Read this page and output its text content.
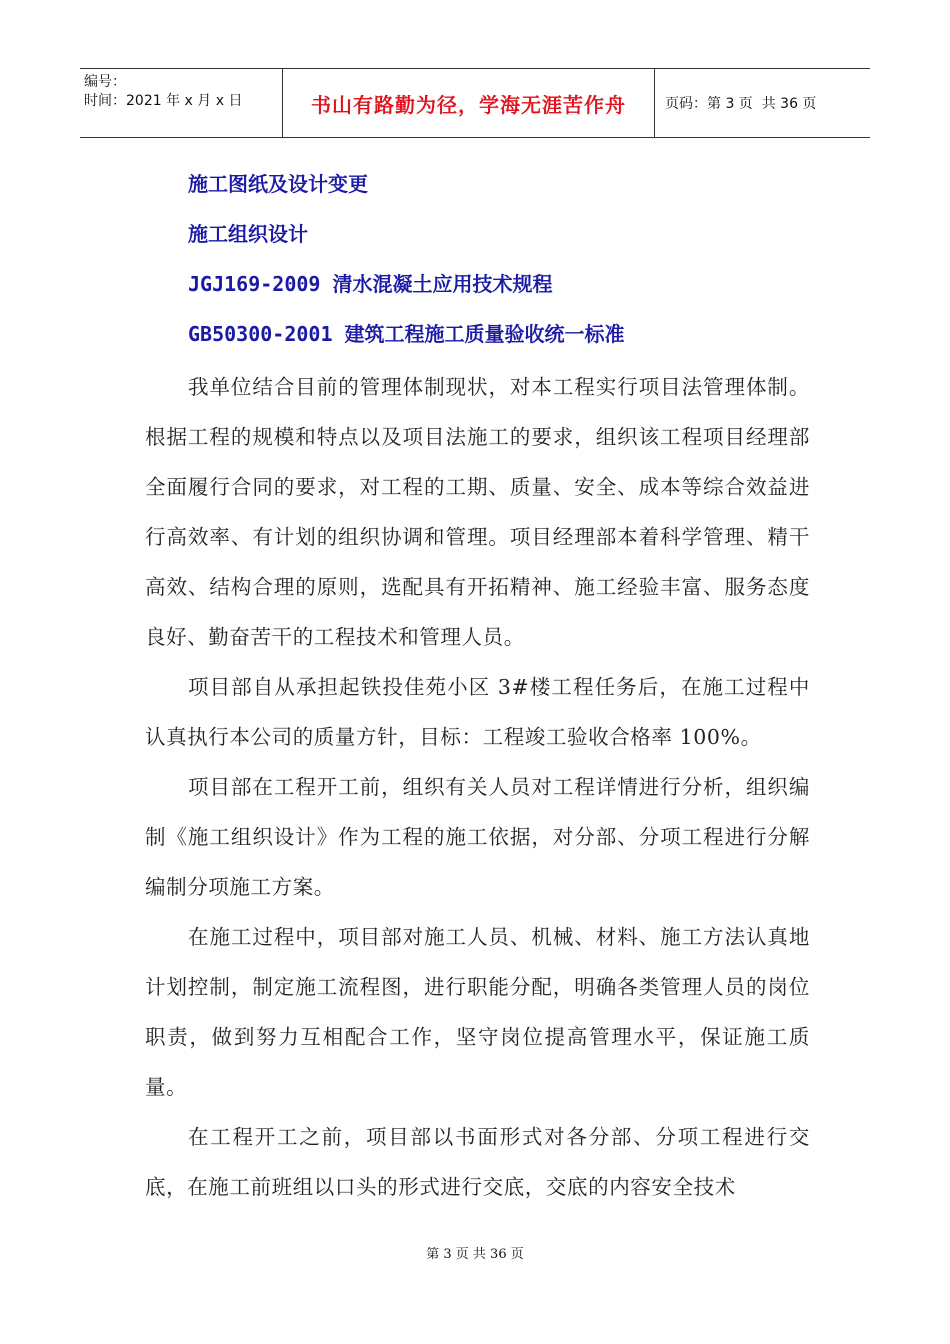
编号：
时间：2021 年 x 月 x 日	书山有路勤为径，学海无涯苦作舟	页码：第 3 页  共 36 页
施工图纸及设计变更
施工组织设计
JGJ169-2009 清水混凝土应用技术规程
GB50300-2001 建筑工程施工质量验收统一标准

我单位结合目前的管理体制现状，对本工程实行项目法管理体制。根据工程的规模和特点以及项目法施工的要求，组织该工程项目经理部全面履行合同的要求，对工程的工期、质量、安全、成本等综合效益进行高效率、有计划的组织协调和管理。项目经理部本着科学管理、精干高效、结构合理的原则，选配具有开拓精神、施工经验丰富、服务态度良好、勤奋苦干的工程技术和管理人员。

项目部自从承担起铁投佳苑小区 3#楼工程任务后，在施工过程中认真执行本公司的质量方针，目标：工程竣工验收合格率 100%。

项目部在工程开工前，组织有关人员对工程详情进行分析，组织编制《施工组织设计》作为工程的施工依据，对分部、分项工程进行分解编制分项施工方案。

在施工过程中，项目部对施工人员、机械、材料、施工方法认真地计划控制，制定施工流程图，进行职能分配，明确各类管理人员的岗位职责，做到努力互相配合工作，坚守岗位提高管理水平，保证施工质量。

在工程开工之前，项目部以书面形式对各分部、分项工程进行交底，在施工前班组以口头的形式进行交底，交底的内容安全技术

第 3 页 共 36 页
